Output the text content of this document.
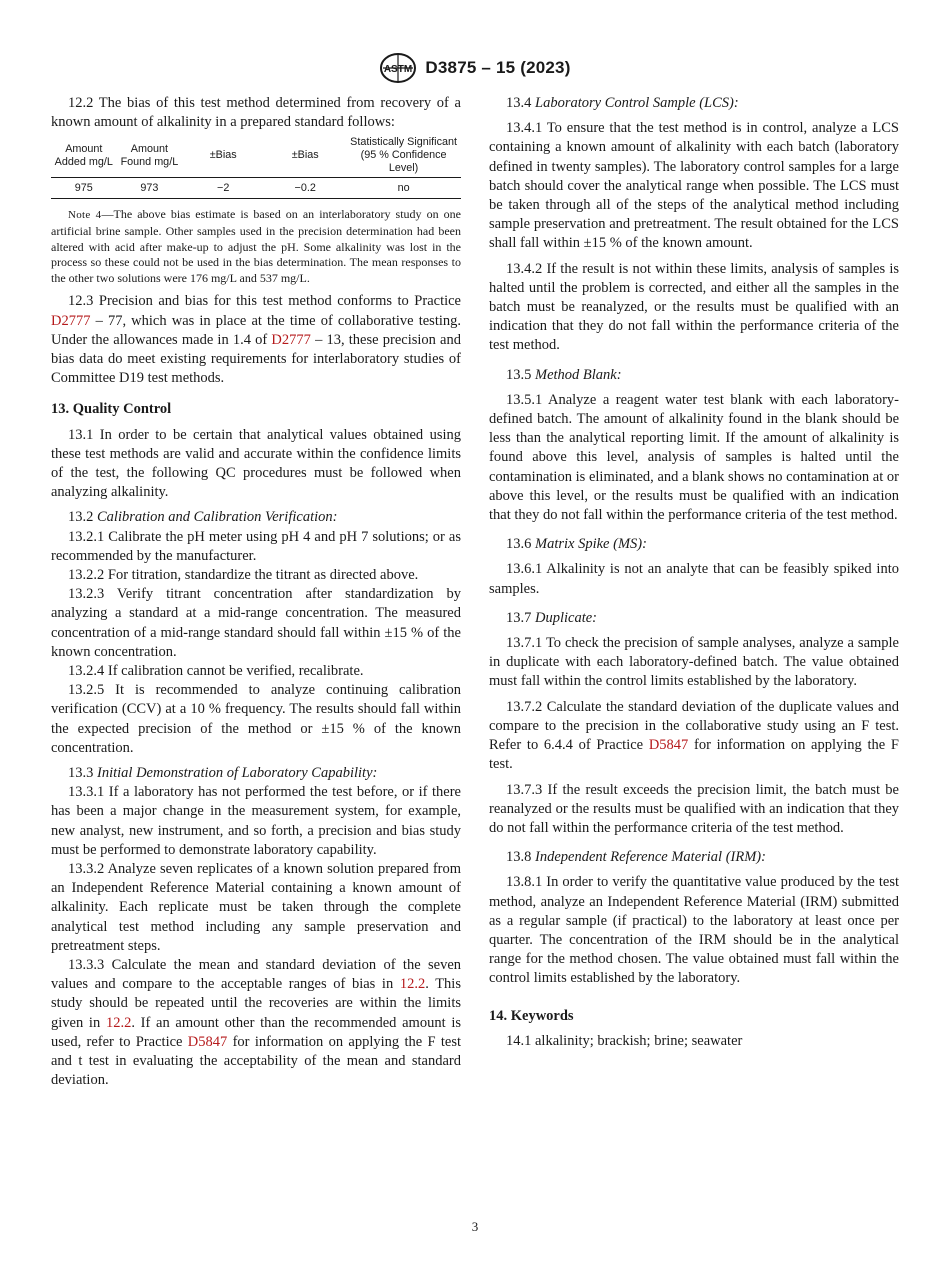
ASTM D3875 – 15 (2023)

12.2 The bias of this test method determined from recovery of a known amount of alkalinity in a prepared standard follows:

Amount Added mg/L	Amount Found mg/L	±Bias	±Bias	Statistically Significant (95 % Confidence Level)
975	973	−2	−0.2	no

Note 4—The above bias estimate is based on an interlaboratory study on one artificial brine sample. Other samples used in the precision determination had been altered with acid after make-up to adjust the pH. Some alkalinity was lost in the process so these could not be used in the bias determination. The mean responses to the other two solutions were 176 mg/L and 537 mg/L.

12.3 Precision and bias for this test method conforms to Practice D2777 – 77, which was in place at the time of collaborative testing. Under the allowances made in 1.4 of D2777 – 13, these precision and bias data do meet existing requirements for interlaboratory studies of Committee D19 test methods.

13. Quality Control

13.1 In order to be certain that analytical values obtained using these test methods are valid and accurate within the confidence limits of the test, the following QC procedures must be followed when analyzing alkalinity.

13.2 Calibration and Calibration Verification:

13.2.1 Calibrate the pH meter using pH 4 and pH 7 solutions; or as recommended by the manufacturer.

13.2.2 For titration, standardize the titrant as directed above.

13.2.3 Verify titrant concentration after standardization by analyzing a standard at a mid-range concentration. The measured concentration of a mid-range standard should fall within ±15 % of the known concentration.

13.2.4 If calibration cannot be verified, recalibrate.

13.2.5 It is recommended to analyze continuing calibration verification (CCV) at a 10 % frequency. The results should fall within the expected precision of the method or ±15 % of the known concentration.

13.3 Initial Demonstration of Laboratory Capability:

13.3.1 If a laboratory has not performed the test before, or if there has been a major change in the measurement system, for example, new analyst, new instrument, and so forth, a precision and bias study must be performed to demonstrate laboratory capability.

13.3.2 Analyze seven replicates of a known solution prepared from an Independent Reference Material containing a known amount of alkalinity. Each replicate must be taken through the complete analytical test method including any sample preservation and pretreatment steps.

13.3.3 Calculate the mean and standard deviation of the seven values and compare to the acceptable ranges of bias in 12.2. This study should be repeated until the recoveries are within the limits given in 12.2. If an amount other than the recommended amount is used, refer to Practice D5847 for information on applying the F test and t test in evaluating the acceptability of the mean and standard deviation.

13.4 Laboratory Control Sample (LCS):

13.4.1 To ensure that the test method is in control, analyze a LCS containing a known amount of alkalinity with each batch (laboratory defined in twenty samples). The laboratory control samples for a large batch should cover the analytical range when possible. The LCS must be taken through all of the steps of the analytical method including sample preservation and pretreatment. The result obtained for the LCS shall fall within ±15 % of the known amount.

13.4.2 If the result is not within these limits, analysis of samples is halted until the problem is corrected, and either all the samples in the batch must be reanalyzed, or the results must be qualified with an indication that they do not fall within the performance criteria of the test method.

13.5 Method Blank:

13.5.1 Analyze a reagent water test blank with each laboratory-defined batch. The amount of alkalinity found in the blank should be less than the analytical reporting limit. If the amount of alkalinity is found above this level, analysis of samples is halted until the contamination is eliminated, and a blank shows no contamination at or above this level, or the results must be qualified with an indication that they do not fall within the performance criteria of the test method.

13.6 Matrix Spike (MS):

13.6.1 Alkalinity is not an analyte that can be feasibly spiked into samples.

13.7 Duplicate:

13.7.1 To check the precision of sample analyses, analyze a sample in duplicate with each laboratory-defined batch. The value obtained must fall within the control limits established by the laboratory.

13.7.2 Calculate the standard deviation of the duplicate values and compare to the precision in the collaborative study using an F test. Refer to 6.4.4 of Practice D5847 for information on applying the F test.

13.7.3 If the result exceeds the precision limit, the batch must be reanalyzed or the results must be qualified with an indication that they do not fall within the performance criteria of the test method.

13.8 Independent Reference Material (IRM):

13.8.1 In order to verify the quantitative value produced by the test method, analyze an Independent Reference Material (IRM) submitted as a regular sample (if practical) to the laboratory at least once per quarter. The concentration of the IRM should be in the analytical range for the method chosen. The value obtained must fall within the control limits established by the laboratory.

14. Keywords

14.1 alkalinity; brackish; brine; seawater

3
